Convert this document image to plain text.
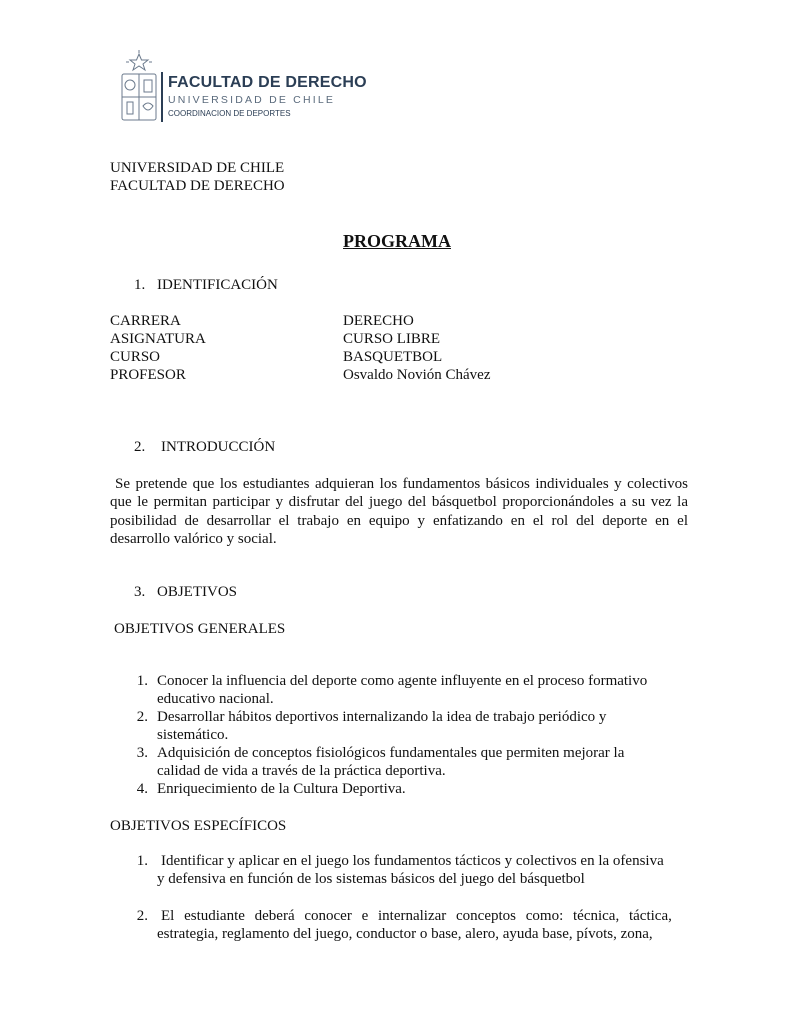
FACULTAD DE DERECHO
UNIVERSIDAD DE CHILE
COORDINACION DE DEPORTES
UNIVERSIDAD DE CHILE
FACULTAD DE DERECHO
PROGRAMA
1. IDENTIFICACIÓN
CARRERA	DERECHO
ASIGNATURA	CURSO LIBRE
CURSO	BASQUETBOL
PROFESOR	Osvaldo Novión Chávez
2. INTRODUCCIÓN
Se pretende que los estudiantes adquieran los fundamentos básicos individuales y colectivos que le permitan participar y disfrutar del juego del básquetbol proporcionándoles a su vez la posibilidad de desarrollar el trabajo en equipo y enfatizando en el rol del deporte en el desarrollo valórico y social.
3. OBJETIVOS
OBJETIVOS GENERALES
1. Conocer la influencia del deporte como agente influyente en el proceso formativo
educativo nacional.
2. Desarrollar hábitos deportivos internalizando la idea de trabajo periódico y
sistemático.
3. Adquisición de conceptos fisiológicos fundamentales que permiten mejorar la
calidad de vida a través de la práctica deportiva.
4. Enriquecimiento de la Cultura Deportiva.
OBJETIVOS ESPECÍFICOS
1. Identificar y aplicar en el juego los fundamentos tácticos y colectivos en la ofensiva
y defensiva en función de los sistemas básicos del juego del básquetbol
2. El estudiante deberá conocer e internalizar conceptos como: técnica, táctica,
estrategia, reglamento del juego, conductor o base, alero, ayuda base, pívots, zona,
